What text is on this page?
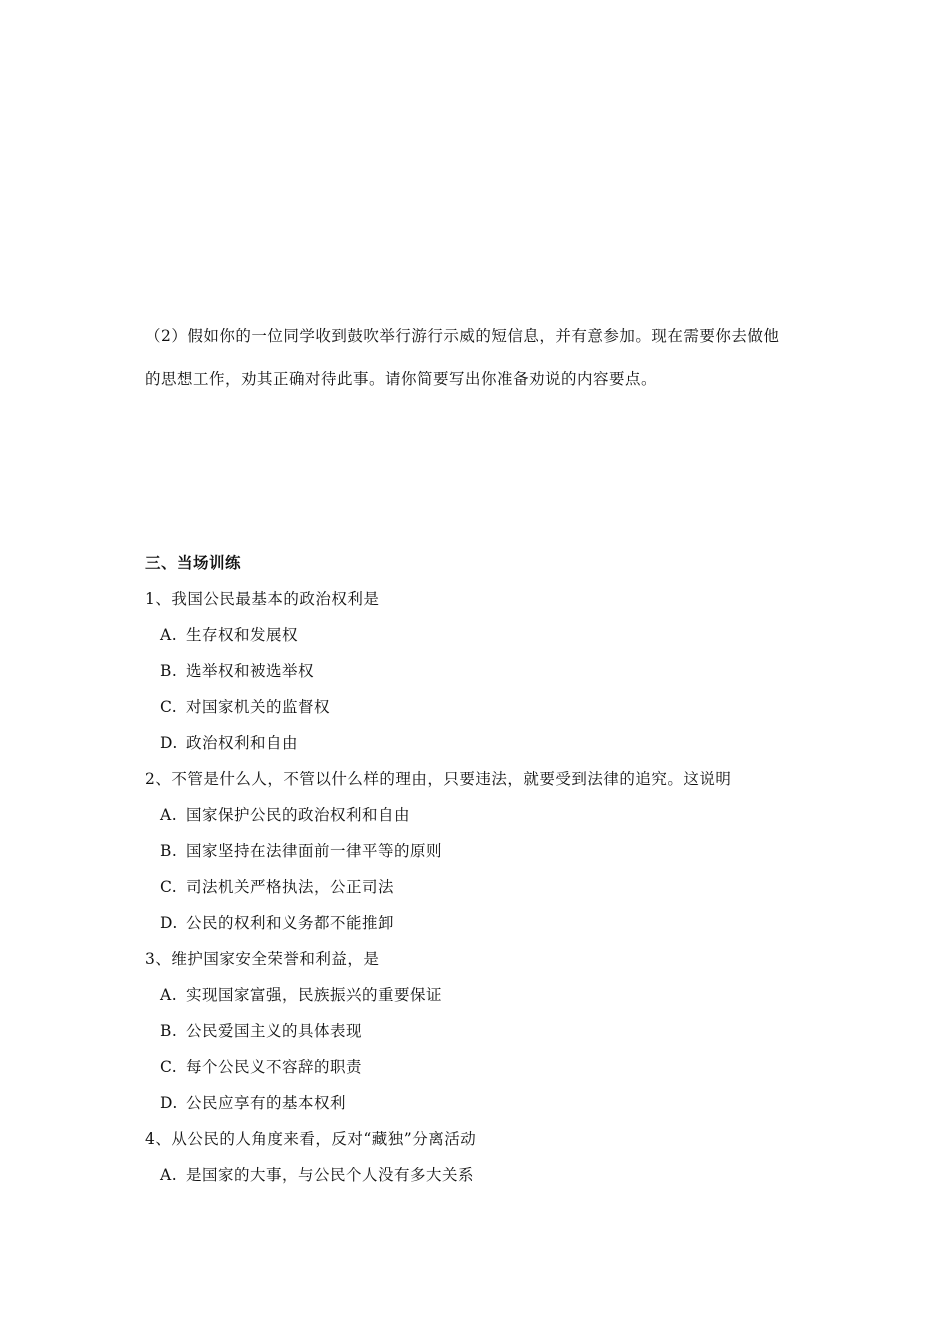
（2）假如你的一位同学收到鼓吹举行游行示威的短信息，并有意参加。现在需要你去做他
的思想工作，劝其正确对待此事。请你简要写出你准备劝说的内容要点。
三、当场训练
1、我国公民最基本的政治权利是
A. 生存权和发展权
B. 选举权和被选举权
C. 对国家机关的监督权
D. 政治权利和自由
2、不管是什么人，不管以什么样的理由，只要违法，就要受到法律的追究。这说明
A. 国家保护公民的政治权利和自由
B. 国家坚持在法律面前一律平等的原则
C. 司法机关严格执法，公正司法
D. 公民的权利和义务都不能推卸
3、维护国家安全荣誉和利益，是
A. 实现国家富强，民族振兴的重要保证
B. 公民爱国主义的具体表现
C. 每个公民义不容辞的职责
D. 公民应享有的基本权利
4、从公民的人角度来看，反对“藏独”分离活动
A. 是国家的大事，与公民个人没有多大关系
